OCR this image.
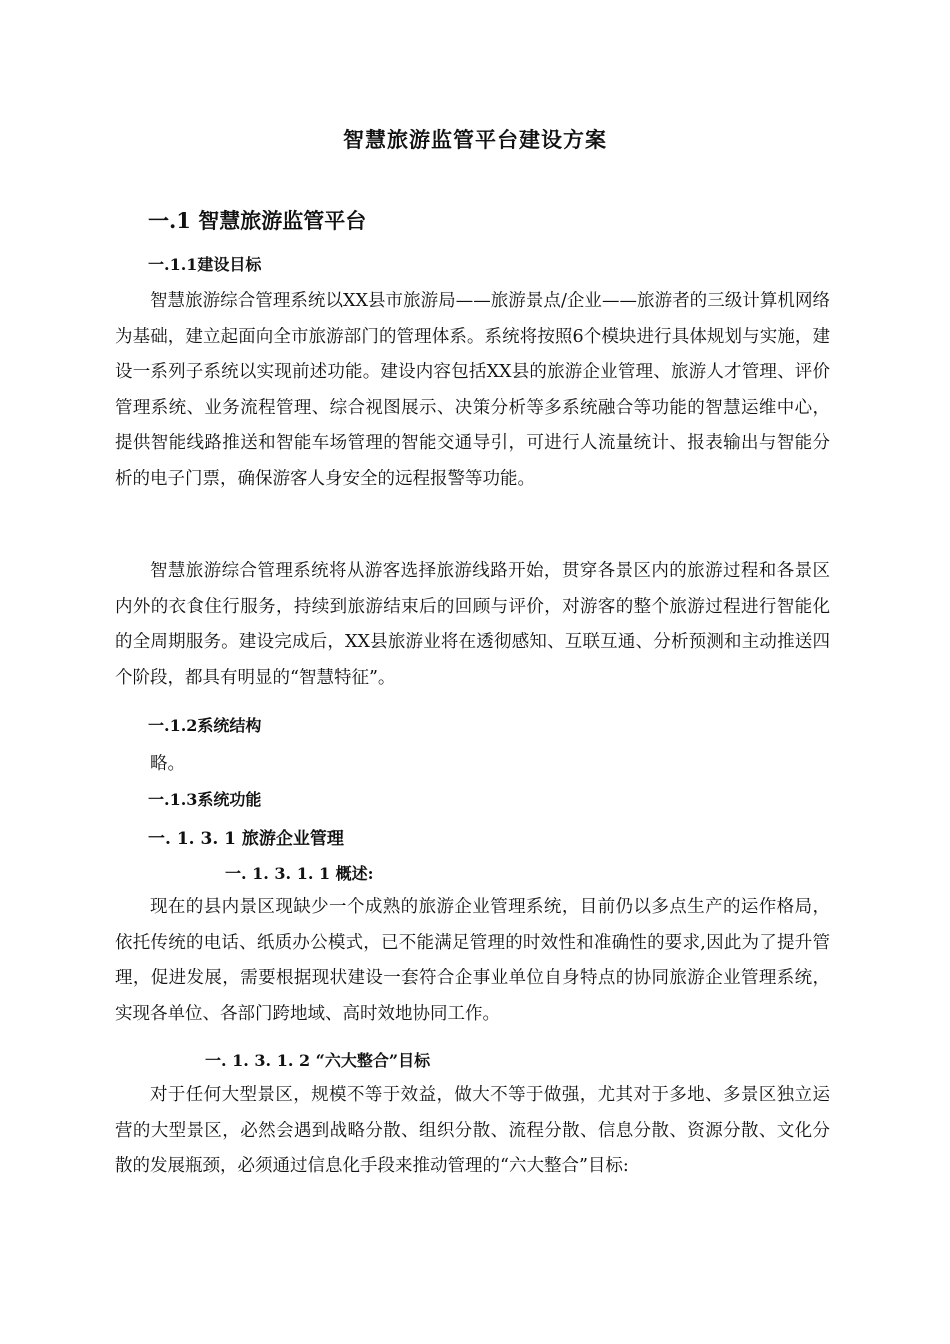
智慧旅游监管平台建设方案
一.1 智慧旅游监管平台
一.1.1建设目标

智慧旅游综合管理系统以XX县市旅游局——旅游景点/企业——旅游者的三级计算机网络为基础，建立起面向全市旅游部门的管理体系。系统将按照6个模块进行具体规划与实施，建设一系列子系统以实现前述功能。建设内容包括XX县的旅游企业管理、旅游人才管理、评价管理系统、业务流程管理、综合视图展示、决策分析等多系统融合等功能的智慧运维中心，提供智能线路推送和智能车场管理的智能交通导引，可进行人流量统计、报表输出与智能分析的电子门票，确保游客人身安全的远程报警等功能。

智慧旅游综合管理系统将从游客选择旅游线路开始，贯穿各景区内的旅游过程和各景区内外的衣食住行服务，持续到旅游结束后的回顾与评价，对游客的整个旅游过程进行智能化的全周期服务。建设完成后，XX县旅游业将在透彻感知、互联互通、分析预测和主动推送四个阶段，都具有明显的“智慧特征”。

一.1.2系统结构
略。
一.1.3系统功能
一. 1. 3. 1 旅游企业管理
一. 1. 3. 1. 1 概述:

现在的县内景区现缺少一个成熟的旅游企业管理系统，目前仍以多点生产的运作格局，依托传统的电话、纸质办公模式，已不能满足管理的时效性和准确性的要求,因此为了提升管理，促进发展，需要根据现状建设一套符合企事业单位自身特点的协同旅游企业管理系统，实现各单位、各部门跨地域、高时效地协同工作。

一. 1. 3. 1. 2 “六大整合”目标

对于任何大型景区，规模不等于效益，做大不等于做强，尤其对于多地、多景区独立运营的大型景区，必然会遇到战略分散、组织分散、流程分散、信息分散、资源分散、文化分散的发展瓶颈，必须通过信息化手段来推动管理的“六大整合”目标:
